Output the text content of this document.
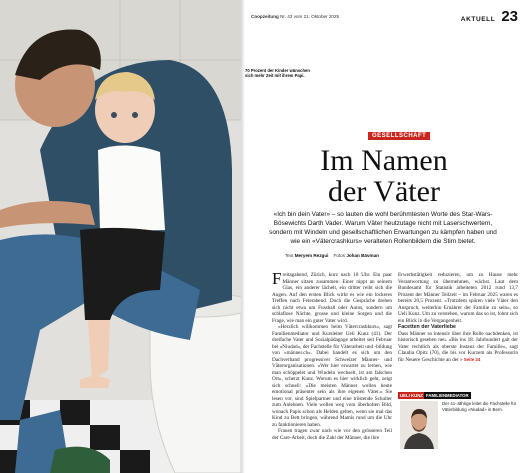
Coopzeitung Nr. 43 vom 21. Oktober 2025	AKTUELL 23
70 Prozent der Kinder wünschen sich mehr Zeit mit ihrem Papi.
GESELLSCHAFT
Im Namen
der Väter
«Ich bin dein Vater» – so lauten die wohl berühmtesten Worte des Star-Wars-Bösewichts Darth Vader. Warum Väter heutzutage nicht mit Laserschwertern, sondern mit Windeln und gesellschaftlichen Erwartungen zu kämpfen haben und wie ein «Vätercrashkurs» veralteten Rollenbildern die Stirn bietet.
Text Meryem Rezgui Fotos Johan Bävman

Freitagabend, Zürich, kurz nach 18 Uhr. Ein paar Männer sitzen zusammen: Einer nippt an seinem Glas, ein anderer lächelt, ein dritter reibt sich die Augen. Auf den ersten Blick wirkt es wie ein lockeres Treffen nach Feierabend. Doch die Gespräche drehen sich nicht etwa um Fussball oder Autos, sondern um schlaflose Nächte, grosse und kleine Sorgen und die Frage, wie man ein guter Vater wird.

«Herzlich willkommen beim Vätercrashkurs», sagt Familienmediator und Kursleiter Ueli Kunz (41). Der dreifache Vater und Sozialpädagoge arbeitet seit Februar bei «Niudad», der Fachstelle für Väterarbeit und -bildung von «männer.ch». Dabei handelt es sich um den Dachverband progressiver Schweizer Männer- und Väterorganisationen. «Wer hier erwartet zu lernen, wie man schöppelet und Windeln wechselt, ist am falschen Ort», scherzt Kunz. Worum es hier wirklich geht, zeigt sich schnell: «Die meisten Männer wollen heute emotional präsenter sein als ihre eigenen Väter.» Sie lesen vor, sind Spielpartner und eine tröstende Schulter zum Anlehnen. Viele wollen weg vom überholten Bild, wonach Papis schon als Helden gelten, wenn sie mal das Kind zu Bett bringen, während Mamis rund um die Uhr zu funktionieren haben.

Frauen tragen zwar nach wie vor den grösseren Teil der Care-Arbeit, doch die Zahl der Männer, die ihre

Erwerbstätigkeit reduzieren, um zu Hause mehr Verantwortung zu übernehmen, wächst. Laut dem Bundesamt für Statistik arbeiteten 2012 rund 13,7 Prozent der Männer Teilzeit – im Februar 2025 waren es bereits 20,5 Prozent. «Trotzdem spüren viele Väter den Anspruch, weiterhin Ernährer der Familie zu sein», so Ueli Kunz. Um zu verstehen, warum das so ist, lohnt sich ein Blick in die Vergangenheit.

Facetten der Vaterliebe

Dass Männer so intensiv über ihre Rolle nachdenken, ist historisch gesehen neu. «Bis ins 18. Jahrhundert galt der Vater rechtlich als oberste Instanz der Familie», sagt Claudia Opitz (70), die bis vor Kurzem als Professorin für Neuere Geschichte an der » Seite 24

UELI KUNZ FAMILIENMEDIATOR
Der 41-Jährige leitet die Fachstelle für Väterbildung «Niudad» in Bern.
